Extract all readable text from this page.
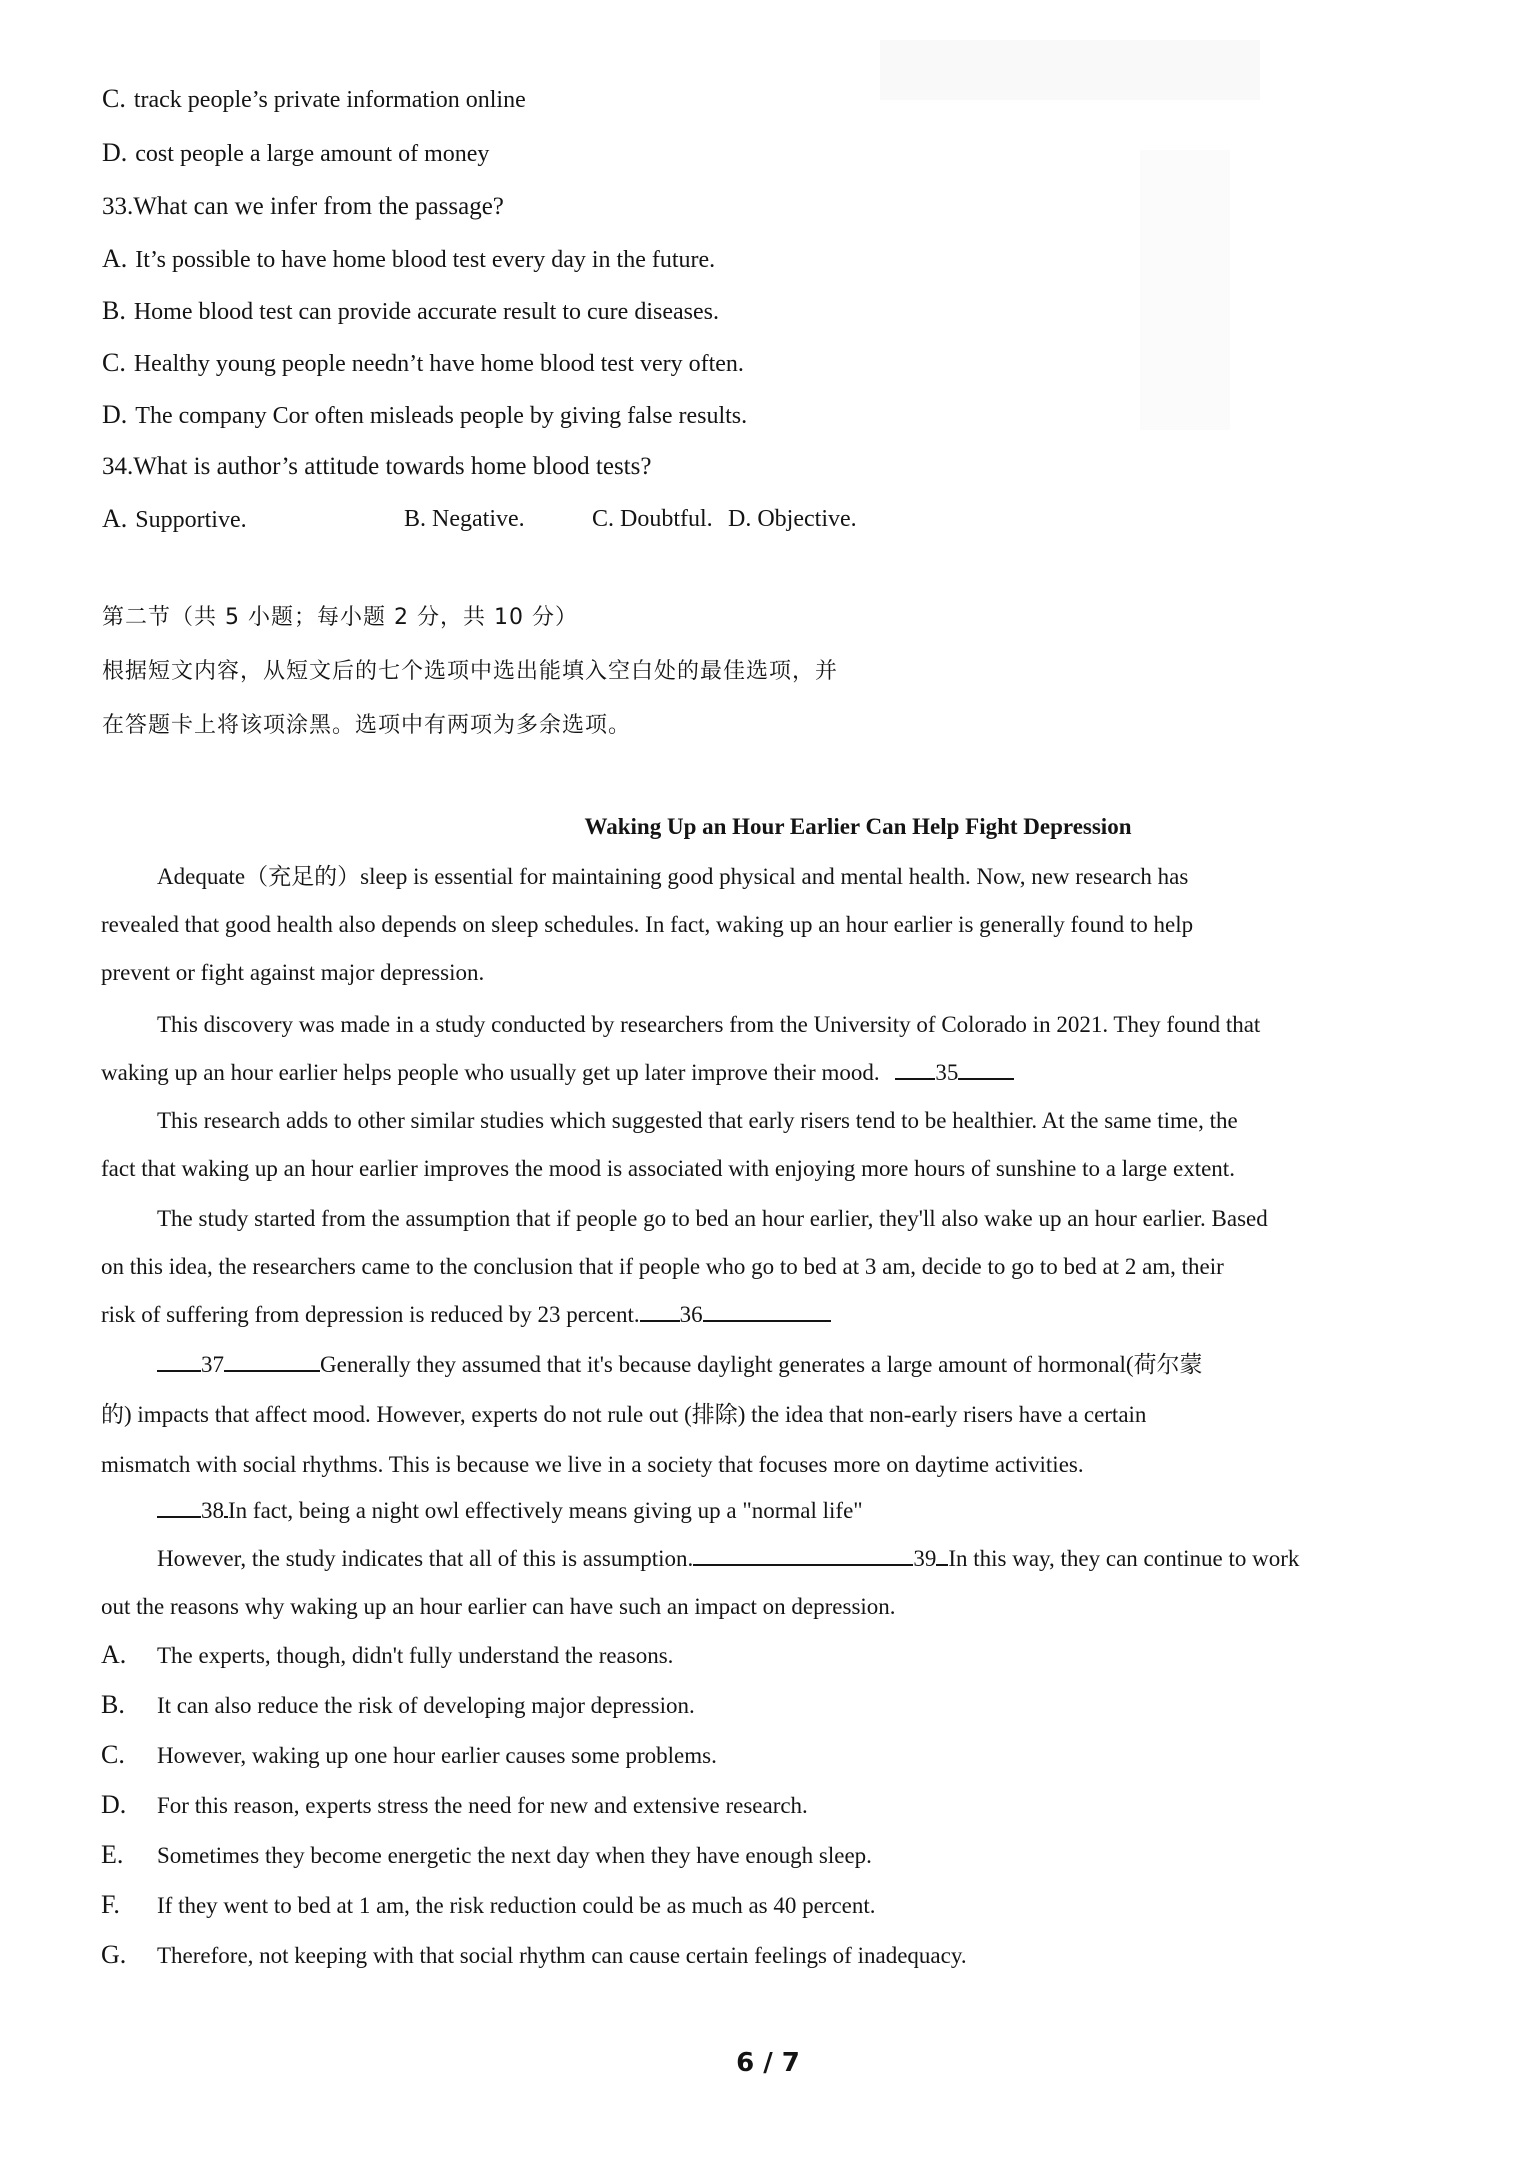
C. track people’s private information online
D. cost people a large amount of money
33.What can we infer from the passage?
A. It’s possible to have home blood test every day in the future.
B. Home blood test can provide accurate result to cure diseases.
C. Healthy young people needn’t have home blood test very often.
D. The company Cor often misleads people by giving false results.
34.What is author’s attitude towards home blood tests?
A. Supportive.	B. Negative.	C. Doubtful. D. Objective.
第二节（共 5 小题；每小题 2 分，共 10 分）
根据短文内容，从短文后的七个选项中选出能填入空白处的最佳选项，并
在答题卡上将该项涂黑。选项中有两项为多余选项。
Waking Up an Hour Earlier Can Help Fight Depression
Adequate（充足的）sleep is essential for maintaining good physical and mental health. Now, new research has
revealed that good health also depends on sleep schedules. In fact, waking up an hour earlier is generally found to help
prevent or fight against major depression.
This discovery was made in a study conducted by researchers from the University of Colorado in 2021. They found that
waking up an hour earlier helps people who usually get up later improve their mood. 35
This research adds to other similar studies which suggested that early risers tend to be healthier. At the same time, the
fact that waking up an hour earlier improves the mood is associated with enjoying more hours of sunshine to a large extent.
The study started from the assumption that if people go to bed an hour earlier, they'll also wake up an hour earlier. Based
on this idea, the researchers came to the conclusion that if people who go to bed at 3 am, decide to go to bed at 2 am, their
risk of suffering from depression is reduced by 23 percent. 36
37	Generally they assumed that it's because daylight generates a large amount of hormonal(荷尔蒙
的) impacts that affect mood. However, experts do not rule out (排除) the idea that non-early risers have a certain
mismatch with social rhythms. This is because we live in a society that focuses more on daytime activities.
38 In fact, being a night owl effectively means giving up a "normal life"
However, the study indicates that all of this is assumption.	39 In this way, they can continue to work
out the reasons why waking up an hour earlier can have such an impact on depression.
A. The experts, though, didn't fully understand the reasons.
B. It can also reduce the risk of developing major depression.
C. However, waking up one hour earlier causes some problems.
D. For this reason, experts stress the need for new and extensive research.
E. Sometimes they become energetic the next day when they have enough sleep.
F. If they went to bed at 1 am, the risk reduction could be as much as 40 percent.
G. Therefore, not keeping with that social rhythm can cause certain feelings of inadequacy.
6 / 7
